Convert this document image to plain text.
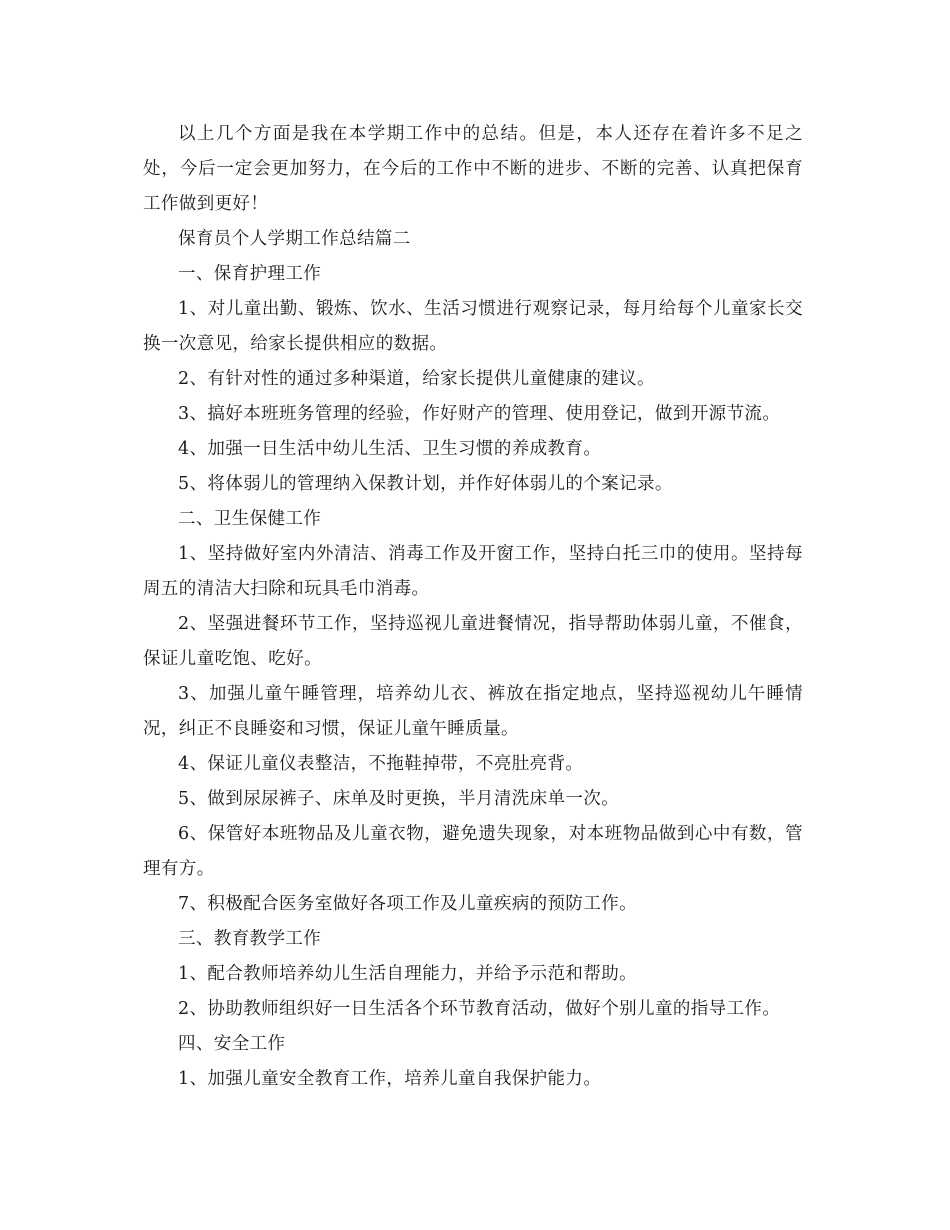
以上几个方面是我在本学期工作中的总结。但是，本人还存在着许多不足之处，今后一定会更加努力，在今后的工作中不断的进步、不断的完善、认真把保育工作做到更好！

保育员个人学期工作总结篇二

一、保育护理工作

1、对儿童出勤、锻炼、饮水、生活习惯进行观察记录，每月给每个儿童家长交换一次意见，给家长提供相应的数据。

2、有针对性的通过多种渠道，给家长提供儿童健康的建议。

3、搞好本班班务管理的经验，作好财产的管理、使用登记，做到开源节流。

4、加强一日生活中幼儿生活、卫生习惯的养成教育。

5、将体弱儿的管理纳入保教计划，并作好体弱儿的个案记录。

二、卫生保健工作

1、坚持做好室内外清洁、消毒工作及开窗工作，坚持白托三巾的使用。坚持每周五的清洁大扫除和玩具毛巾消毒。

2、坚强进餐环节工作，坚持巡视儿童进餐情况，指导帮助体弱儿童，不催食，保证儿童吃饱、吃好。

3、加强儿童午睡管理，培养幼儿衣、裤放在指定地点，坚持巡视幼儿午睡情况，纠正不良睡姿和习惯，保证儿童午睡质量。

4、保证儿童仪表整洁，不拖鞋掉带，不亮肚亮背。

5、做到尿尿裤子、床单及时更换，半月清洗床单一次。

6、保管好本班物品及儿童衣物，避免遗失现象，对本班物品做到心中有数，管理有方。

7、积极配合医务室做好各项工作及儿童疾病的预防工作。

三、教育教学工作

1、配合教师培养幼儿生活自理能力，并给予示范和帮助。

2、协助教师组织好一日生活各个环节教育活动，做好个别儿童的指导工作。

四、安全工作

1、加强儿童安全教育工作，培养儿童自我保护能力。
